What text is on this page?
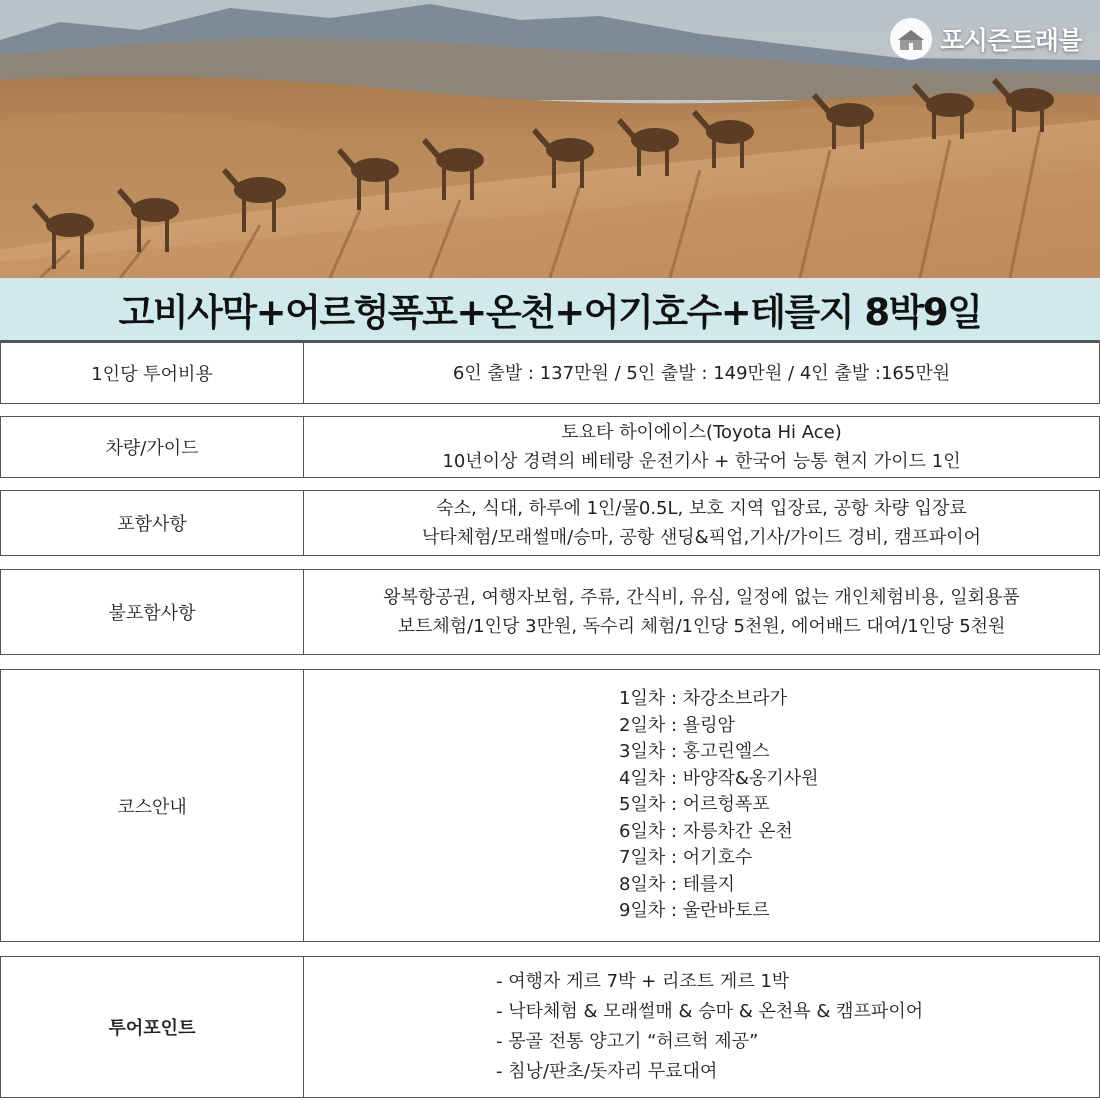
포시즌트래블
고비사막+어르헝폭포+온천+어기호수+테를지 8박9일
1인당 투어비용	6인 출발 : 137만원 / 5인 출발 : 149만원 / 4인 출발 :165만원
차량/가이드
토요타 하이에이스(Toyota Hi Ace)
10년이상 경력의 베테랑 운전기사 + 한국어 능통 현지 가이드 1인
포함사항
숙소, 식대, 하루에 1인/물0.5L, 보호 지역 입장료, 공항 차량 입장료
낙타체험/모래썰매/승마, 공항 샌딩&픽업,기사/가이드 경비, 캠프파이어
불포함사항
왕복항공권, 여행자보험, 주류, 간식비, 유심, 일정에 없는 개인체험비용, 일회용품
보트체험/1인당 3만원, 독수리 체험/1인당 5천원, 에어배드 대여/1인당 5천원
코스안내
1일차 : 차강소브라가
2일차 : 욜링암
3일차 : 홍고린엘스
4일차 : 바양작&옹기사원
5일차 : 어르헝폭포
6일차 : 자릉차간 온천
7일차 : 어기호수
8일차 : 테를지
9일차 : 울란바토르
투어포인트
- 여행자 게르 7박 + 리조트 게르 1박
- 낙타체험 & 모래썰매 & 승마 & 온천욕 & 캠프파이어
- 몽골 전통 양고기 “허르헉 제공”
- 침낭/판초/돗자리 무료대여
